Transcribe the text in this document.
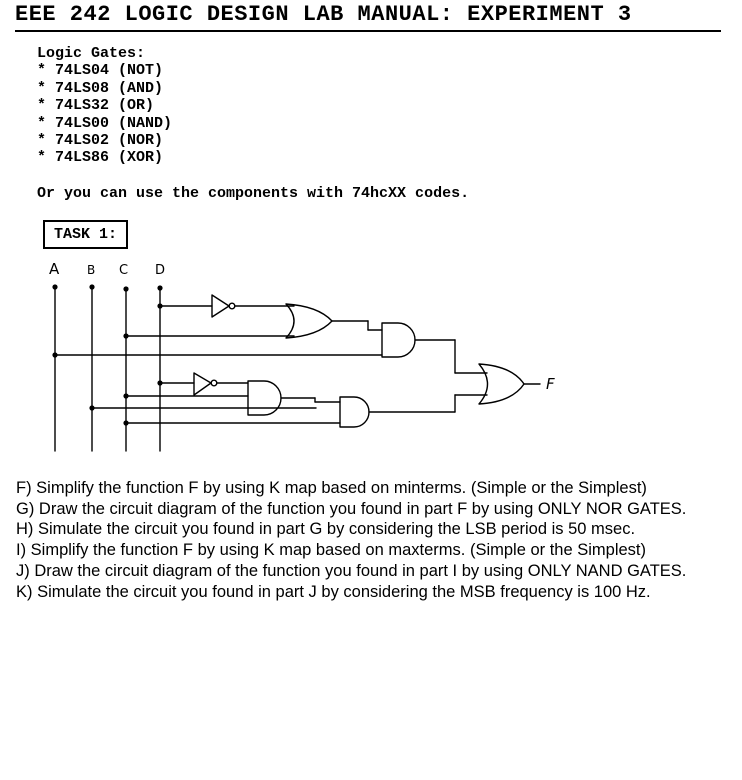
EEE 242 LOGIC DESIGN LAB MANUAL: EXPERIMENT 3
Logic Gates:
* 74LS04 (NOT)
* 74LS08 (AND)
* 74LS32 (OR)
* 74LS00 (NAND)
* 74LS02 (NOR)
* 74LS86 (XOR)
Or you can use the components with 74hcXX codes.
TASK 1:
A B C D
F
F) Simplify the function F by using K map based on minterms. (Simple or the Simplest)
G) Draw the circuit diagram of the function you found in part F by using ONLY NOR GATES.
H) Simulate the circuit you found in part G by considering the LSB period is 50 msec.
I) Simplify the function F by using K map based on maxterms. (Simple or the Simplest)
J) Draw the circuit diagram of the function you found in part I by using ONLY NAND GATES.
K) Simulate the circuit you found in part J by considering the MSB frequency is 100 Hz.
